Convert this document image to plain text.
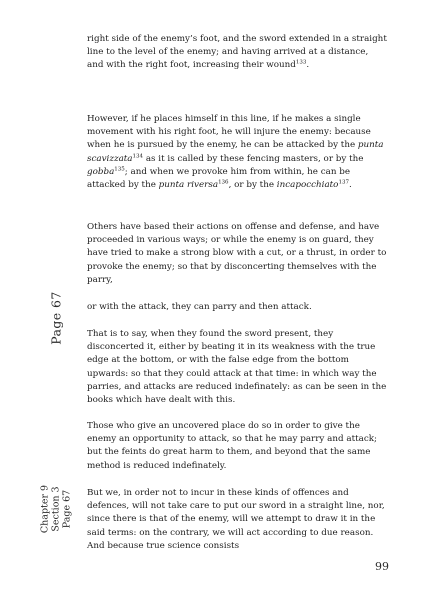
right side of the enemy’s foot, and the sword extended in a straight line to the level of the enemy; and having arrived at a distance, and with the right foot, increasing their wound$^{133}$.

However, if he places himself in this line, if he makes a single movement with his right foot, he will injure the enemy: because when he is pursued by the enemy, he can be attacked by the punta scavizzata$^{134}$ as it is called by these fencing masters, or by the gobba$^{135}$; and when we provoke him from within, he can be attacked by the punta riversa$^{136}$, or by the incapocchiato$^{137}$.

Others have based their actions on offense and defense, and have proceeded in various ways; or while the enemy is on guard, they have tried to make a strong blow with a cut, or a thrust, in order to provoke the enemy; so that by disconcerting themselves with the parry,

or with the attack, they can parry and then attack.

That is to say, when they found the sword present, they disconcerted it, either by beating it in its weakness with the true edge at the bottom, or with the false edge from the bottom upwards: so that they could attack at that time: in which way the parries, and attacks are reduced indefinately: as can be seen in the books which have dealt with this.

Those who give an uncovered place do so in order to give the enemy an opportunity to attack, so that he may parry and attack; but the feints do great harm to them, and beyond that the same method is reduced indefinately.

But we, in order not to incur in these kinds of offences and defences, will not take care to put our sword in a straight line, nor, since there is that of the enemy, will we attempt to draw it in the said terms: on the contrary, we will act according to due reason. And because true science consists

Page 67
Chapter 9 Section 3 Page 67
99
